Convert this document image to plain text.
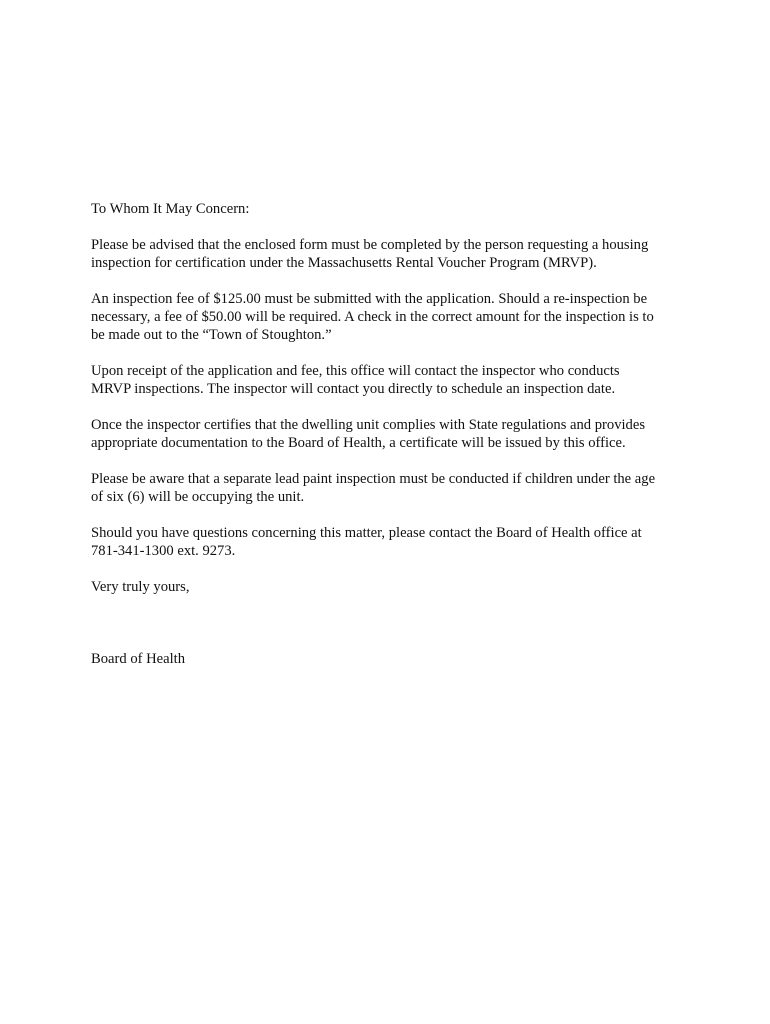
To Whom It May Concern:

Please be advised that the enclosed form must be completed by the person requesting a housing
inspection for certification under the Massachusetts Rental Voucher Program (MRVP).

An inspection fee of $125.00 must be submitted with the application. Should a re-inspection be
necessary, a fee of $50.00 will be required. A check in the correct amount for the inspection is to
be made out to the “Town of Stoughton.”

Upon receipt of the application and fee, this office will contact the inspector who conducts
MRVP inspections. The inspector will contact you directly to schedule an inspection date.

Once the inspector certifies that the dwelling unit complies with State regulations and provides
appropriate documentation to the Board of Health, a certificate will be issued by this office.

Please be aware that a separate lead paint inspection must be conducted if children under the age
of six (6) will be occupying the unit.

Should you have questions concerning this matter, please contact the Board of Health office at
781-341-1300 ext. 9273.

Very truly yours,

Board of Health
